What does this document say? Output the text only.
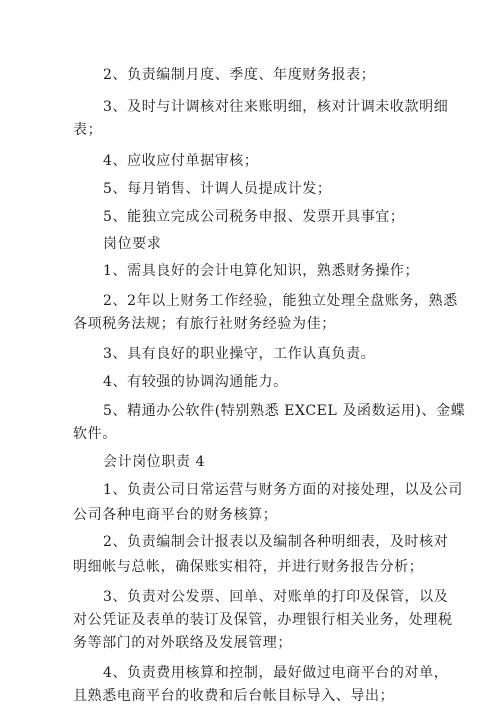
2、负责编制月度、季度、年度财务报表；
3、及时与计调核对往来账明细，核对计调未收款明细
表；
4、应收应付单据审核；
5、每月销售、计调人员提成计发；
5、能独立完成公司税务申报、发票开具事宜；
岗位要求
1、需具良好的会计电算化知识，熟悉财务操作；
2、2年以上财务工作经验，能独立处理全盘账务，熟悉
各项税务法规；有旅行社财务经验为佳；
3、具有良好的职业操守，工作认真负责。
4、有较强的协调沟通能力。
5、精通办公软件(特别熟悉 EXCEL 及函数运用)、金蝶
软件。
会计岗位职责 4
1、负责公司日常运营与财务方面的对接处理，以及公司
公司各种电商平台的财务核算；
2、负责编制会计报表以及编制各种明细表，及时核对
明细帐与总帐，确保账实相符，并进行财务报告分析；
3、负责对公发票、回单、对账单的打印及保管，以及
对公凭证及表单的装订及保管，办理银行相关业务，处理税
务等部门的对外联络及发展管理；
4、负责费用核算和控制，最好做过电商平台的对单，
且熟悉电商平台的收费和后台帐目标导入、导出；
